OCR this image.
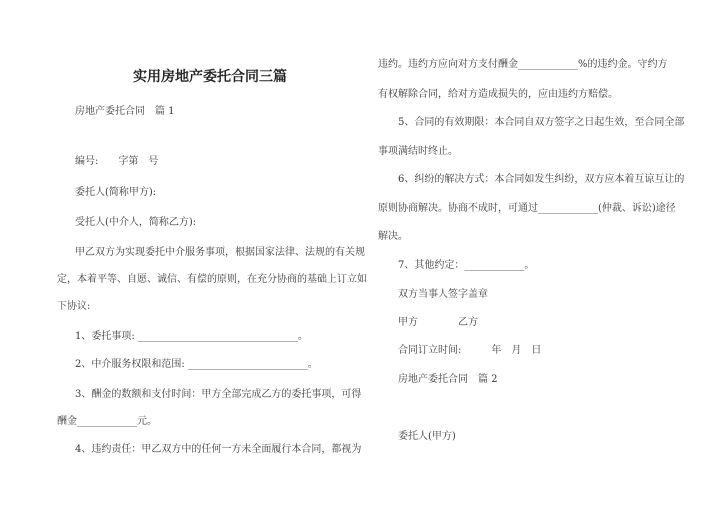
实用房地产委托合同三篇
房地产委托合同　篇 1
编号:　　字第　号
委托人(简称甲方):
受托人(中介人，简称乙方):
甲乙双方为实现委托中介服务事项，根据国家法律、法规的有关规
定，本着平等、自愿、诚信、有偿的原则，在充分协商的基础上订立如
下协议:
1、委托事项: ________________________________。
2、中介服务权限和范围: ________________________。
3、酬金的数额和支付时间：甲方全部完成乙方的委托事项，可得
酬金____________元。
4、违约责任：甲乙双方中的任何一方未全面履行本合同，都视为
违约。违约方应向对方支付酬金____________%的违约金。守约方
有权解除合同，给对方造成损失的，应由违约方赔偿。
5、合同的有效期限：本合同自双方签字之日起生效，至合同全部
事项满结时终止。
6、纠纷的解决方式：本合同如发生纠纷，双方应本着互谅互让的
原则协商解决。协商不成时，可通过____________(仲裁、诉讼)途径
解决。
7、其他约定：____________。
双方当事人签字盖章
甲方　　　　乙方
合同订立时间:　　　年　月　日
房地产委托合同　篇 2
委托人(甲方)
